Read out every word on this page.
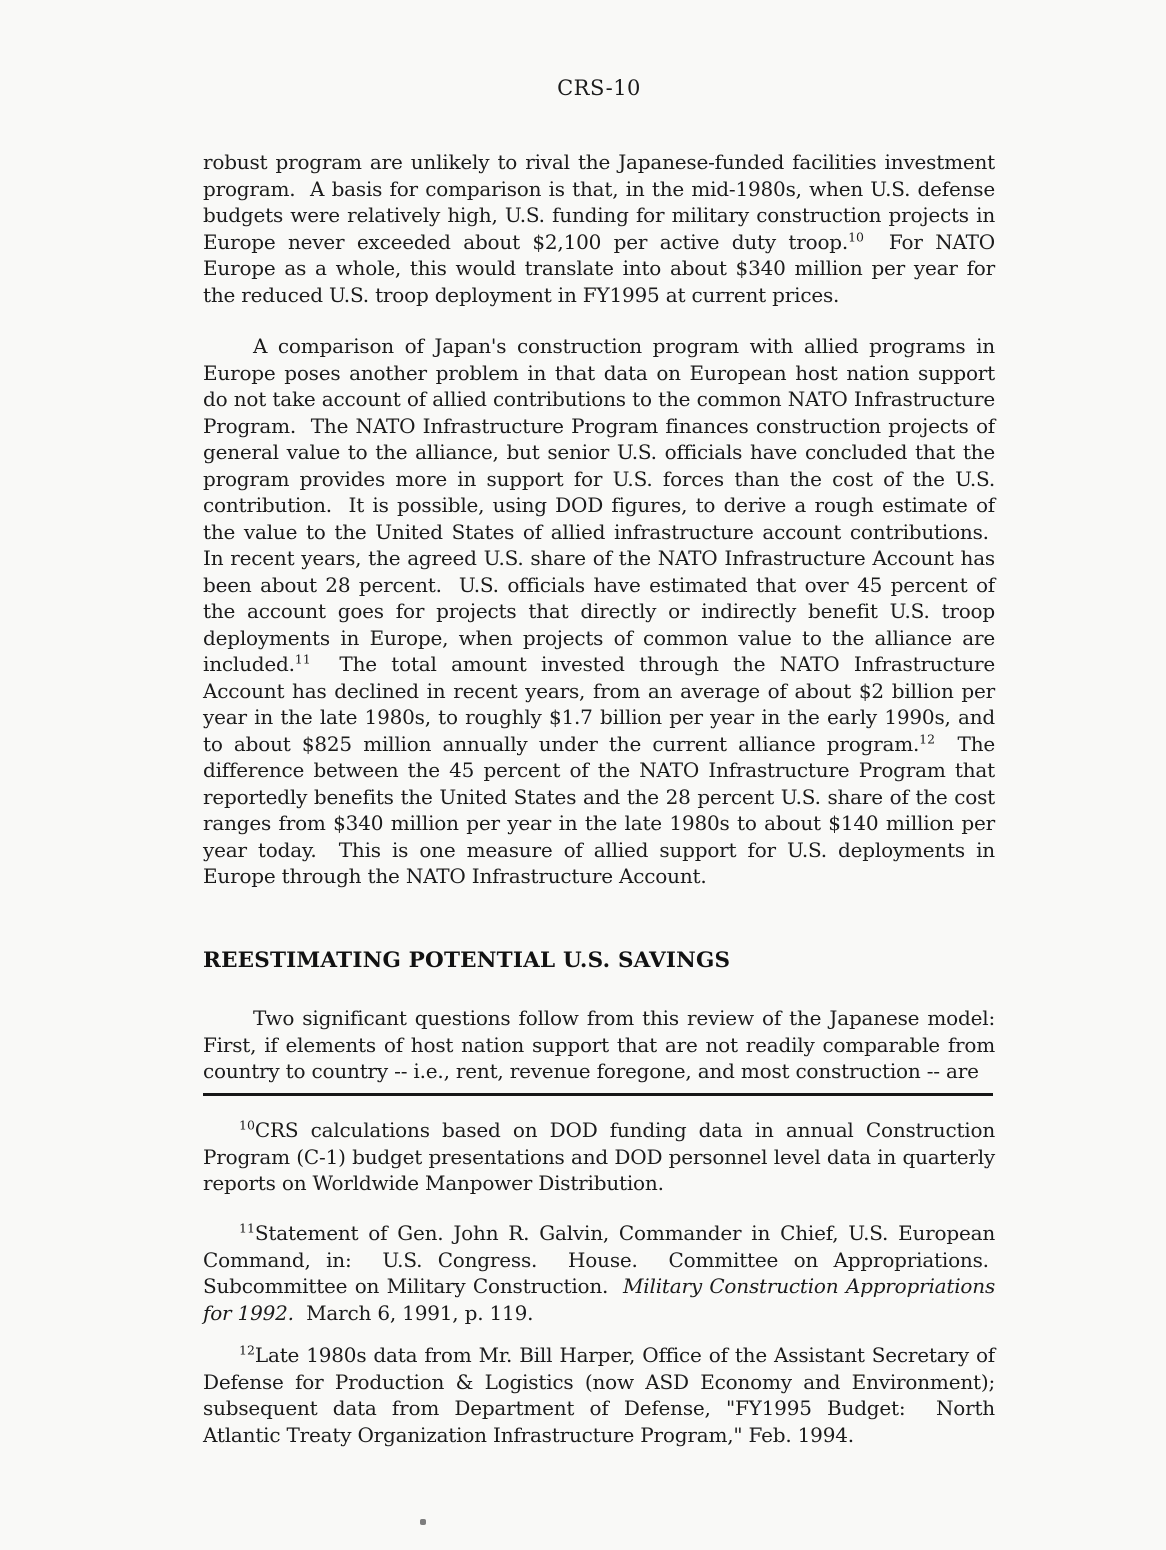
CRS-10
robust program are unlikely to rival the Japanese-funded facilities investment program.  A basis for comparison is that, in the mid-1980s, when U.S. defense budgets were relatively high, U.S. funding for military construction projects in Europe never exceeded about $2,100 per active duty troop.$^{10}$  For NATO Europe as a whole, this would translate into about $340 million per year for the reduced U.S. troop deployment in FY1995 at current prices.
A comparison of Japan's construction program with allied programs in Europe poses another problem in that data on European host nation support do not take account of allied contributions to the common NATO Infrastructure Program.  The NATO Infrastructure Program finances construction projects of general value to the alliance, but senior U.S. officials have concluded that the program provides more in support for U.S. forces than the cost of the U.S. contribution.  It is possible, using DOD figures, to derive a rough estimate of the value to the United States of allied infrastructure account contributions.  In recent years, the agreed U.S. share of the NATO Infrastructure Account has been about 28 percent.  U.S. officials have estimated that over 45 percent of the account goes for projects that directly or indirectly benefit U.S. troop deployments in Europe, when projects of common value to the alliance are included.$^{11}$  The total amount invested through the NATO Infrastructure Account has declined in recent years, from an average of about $2 billion per year in the late 1980s, to roughly $1.7 billion per year in the early 1990s, and to about $825 million annually under the current alliance program.$^{12}$  The difference between the 45 percent of the NATO Infrastructure Program that reportedly benefits the United States and the 28 percent U.S. share of the cost ranges from $340 million per year in the late 1980s to about $140 million per year today.  This is one measure of allied support for U.S. deployments in Europe through the NATO Infrastructure Account.
REESTIMATING POTENTIAL U.S. SAVINGS
Two significant questions follow from this review of the Japanese model: First, if elements of host nation support that are not readily comparable from country to country -- i.e., rent, revenue foregone, and most construction -- are
$^{10}$CRS calculations based on DOD funding data in annual Construction Program (C-1) budget presentations and DOD personnel level data in quarterly reports on Worldwide Manpower Distribution.
$^{11}$Statement of Gen. John R. Galvin, Commander in Chief, U.S. European Command, in:  U.S. Congress.  House.  Committee on Appropriations.  Subcommittee on Military Construction.  Military Construction Appropriations for 1992.  March 6, 1991, p. 119.
$^{12}$Late 1980s data from Mr. Bill Harper, Office of the Assistant Secretary of Defense for Production & Logistics (now ASD Economy and Environment); subsequent data from Department of Defense, "FY1995 Budget:  North Atlantic Treaty Organization Infrastructure Program," Feb. 1994.
